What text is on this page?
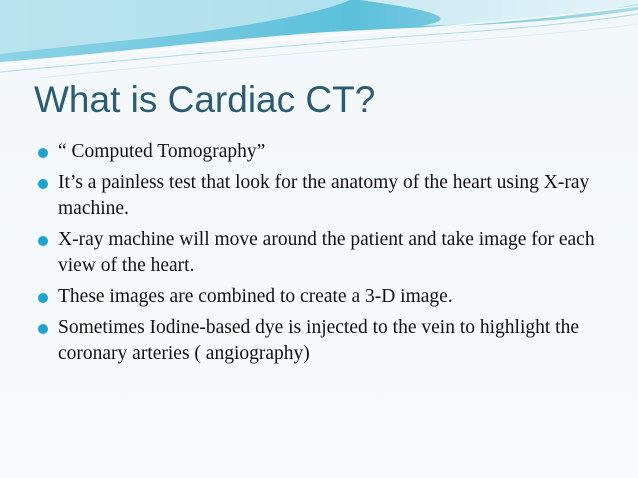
What is Cardiac CT?
“ Computed Tomography”
It’s a painless test that look for the anatomy of the heart using X-ray machine.
X-ray machine will move around the patient and take image for each view of the heart.
These images are combined to create a 3-D image.
Sometimes Iodine-based dye is injected to the vein to highlight the coronary arteries ( angiography)
